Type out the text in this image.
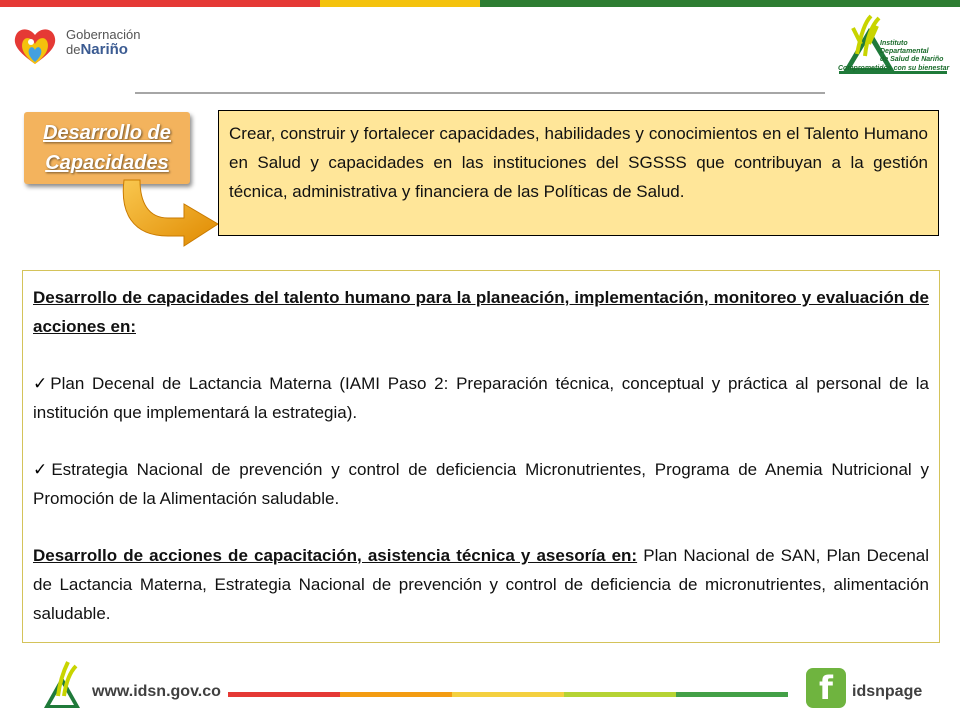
Gobernación
deNariño	Instituto
Departamental
de Salud de Nariño
Comprometidos con su bienestar
Desarrollo de
Capacidades
Crear, construir y fortalecer capacidades, habilidades y conocimientos en el Talento Humano en Salud y capacidades en las instituciones del SGSSS que contribuyan a la gestión técnica, administrativa y financiera de las Políticas de Salud.

Desarrollo de capacidades del talento humano para la planeación, implementación, monitoreo y evaluación de acciones en:

✓Plan Decenal de Lactancia Materna (IAMI Paso 2: Preparación técnica, conceptual y práctica al personal de la institución que implementará la estrategia).

✓Estrategia Nacional de prevención y control de deficiencia Micronutrientes, Programa de Anemia Nutricional y Promoción de la Alimentación saludable.

Desarrollo de acciones de capacitación, asistencia técnica y asesoría en: Plan Nacional de SAN, Plan Decenal de Lactancia Materna, Estrategia Nacional de prevención y control de deficiencia de micronutrientes, alimentación saludable.

www.idsn.gov.co	f	idsnpage
